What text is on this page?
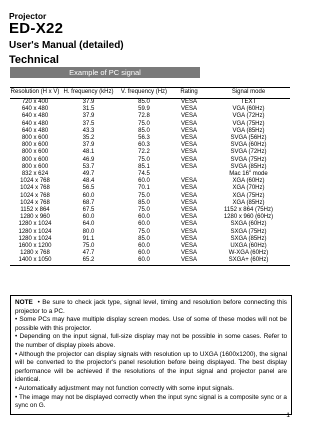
Projector
ED-X22
User's Manual (detailed)
Technical
Example of PC signal
Resolution (H x V)	H. frequency (kHz)	V. frequency (Hz)	Rating	Signal mode
720 x 400	37.9	85.0	VESA	TEXT
640 x 480	31.5	59.9	VESA	VGA (60Hz)
640 x 480	37.9	72.8	VESA	VGA (72Hz)
640 x 480	37.5	75.0	VESA	VGA (75Hz)
640 x 480	43.3	85.0	VESA	VGA (85Hz)
800 x 600	35.2	56.3	VESA	SVGA (56Hz)
800 x 600	37.9	60.3	VESA	SVGA (60Hz)
800 x 600	48.1	72.2	VESA	SVGA (72Hz)
800 x 600	46.9	75.0	VESA	SVGA (75Hz)
800 x 600	53.7	85.1	VESA	SVGA (85Hz)
832 x 624	49.7	74.5		Mac 16" mode
1024 x 768	48.4	60.0	VESA	XGA (60Hz)
1024 x 768	56.5	70.1	VESA	XGA (70Hz)
1024 x 768	60.0	75.0	VESA	XGA (75Hz)
1024 x 768	68.7	85.0	VESA	XGA (85Hz)
1152 x 864	67.5	75.0	VESA	1152 x 864 (75Hz)
1280 x 960	60.0	60.0	VESA	1280 x 960 (60Hz)
1280 x 1024	64.0	60.0	VESA	SXGA (60Hz)
1280 x 1024	80.0	75.0	VESA	SXGA (75Hz)
1280 x 1024	91.1	85.0	VESA	SXGA (85Hz)
1600 x 1200	75.0	60.0	VESA	UXGA (60Hz)
1280 x 768	47.7	60.0	VESA	W-XGA (60Hz)
1400 x 1050	65.2	60.0	VESA	SXGA+ (60Hz)

NOTE • Be sure to check jack type, signal level, timing and resolution before connecting this projector to a PC.

• Some PCs may have multiple display screen modes. Use of some of these modes will not be possible with this projector.

• Depending on the input signal, full-size display may not be possible in some cases. Refer to the number of display pixels above.

• Although the projector can display signals with resolution up to UXGA (1600x1200), the signal will be converted to the projector's panel resolution before being displayed. The best display performance will be achieved if the resolutions of the input signal and projector panel are identical.

• Automatically adjustment may not function correctly with some input signals.

• The image may not be displayed correctly when the input sync signal is a composite sync or a sync on G.

1
